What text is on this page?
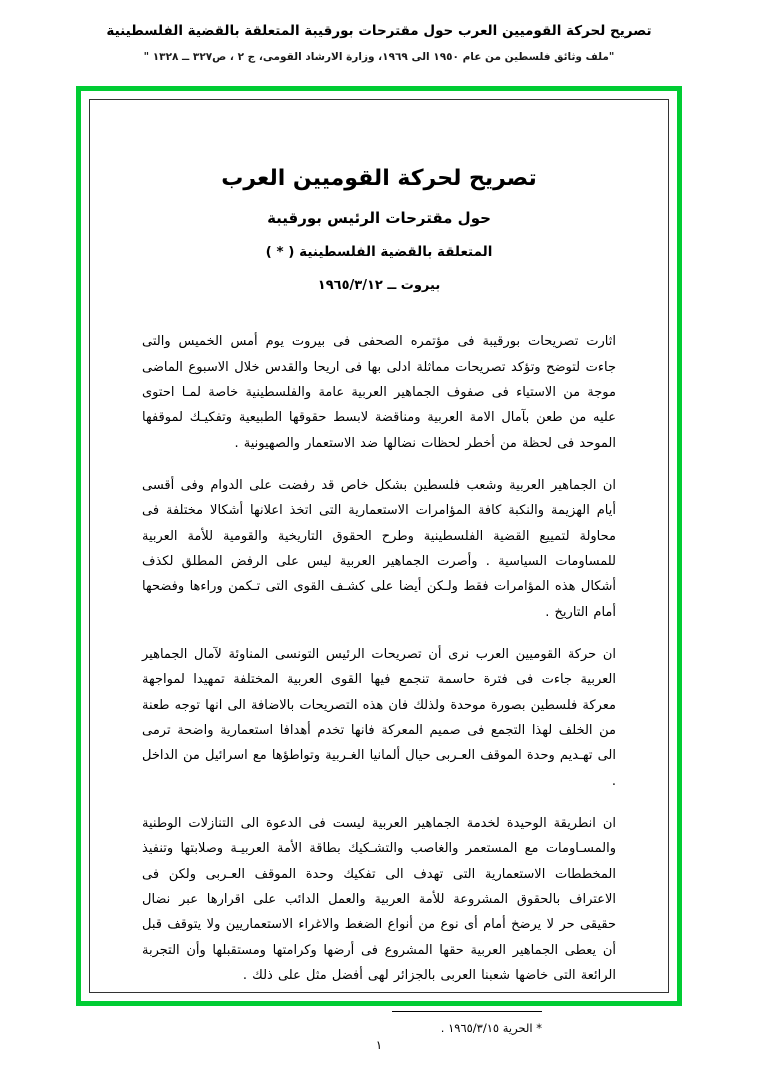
تصريح لحركة القوميين العرب حول مقترحات بورقيبة المتعلقة بالقضية الفلسطينية
"ملف وثائق فلسطين من عام ١٩٥٠ الى ١٩٦٩، وزارة الارشاد القومى، ج ٢ ، ص٣٢٧ ــ ١٣٢٨ "
تصريح لحركة القوميين العرب
حول مقترحات الرئيس بورقيبة
المتعلقة بالقضية الفلسطينية ( * )
بيروت ــ ١٩٦٥/٣/١٢

اثارت تصريحات بورقيبة فى مؤتمره الصحفى فى بيروت يوم أمس الخميس والتى جاءت لتوضح وتؤكد تصريحات مماثلة ادلى بها فى اريحا والقدس خلال الاسبوع الماضى موجة من الاستياء فى صفوف الجماهير العربية عامة والفلسطينية خاصة لمـا احتوى عليه من طعن بآمال الامة العربية ومناقضة لابسط حقوقها الطبيعية وتفكيـك لموقفها الموحد فى لحظة من أخطر لحظات نضالها ضد الاستعمار والصهيونية .

ان الجماهير العربية وشعب فلسطين بشكل خاص قد رفضت على الدوام وفى أقسى أيام الهزيمة والنكبة كافة المؤامرات الاستعمارية التى اتخذ اعلانها أشكالا مختلفة فى محاولة لتمييع القضية الفلسطينية وطرح الحقوق التاريخية والقومية للأمة العربية للمساومات السياسية . وأصرت الجماهير العربية ليس على الرفض المطلق لكذف أشكال هذه المؤامرات فقط ولـكن أيضا على كشـف القوى التى تـكمن وراءها وفضحها أمام التاريخ .

ان حركة القوميين العرب نرى أن تصريحات الرئيس التونسى المناوئة لآمال الجماهير العربية جاءت فى فترة حاسمة تنجمع فيها القوى العربية المختلفة تمهيدا لمواجهة معركة فلسطين بصورة موحدة ولذلك فان هذه التصريحات بالاضافة الى انها توجه طعنة من الخلف لهذا التجمع فى صميم المعركة فانها تخدم أهدافا استعمارية واضحة ترمى الى تهـديم وحدة الموقف العـربى حيال ألمانيا الغـربية وتواطؤها مع اسرائيل من الداخل .

ان انطريقة الوحيدة لخدمة الجماهير العربية ليست فى الدعوة الى التنازلات الوطنية والمسـاومات مع المستعمر والغاصب والتشـكيك بطاقة الأمة العربيـة وصلابتها وتنفيذ المخططات الاستعمارية التى تهدف الى تفكيك وحدة الموقف العـربى ولكن فى الاعتراف بالحقوق المشروعة للأمة العربية والعمل الدائب على اقرارها عبر نضال حقيقى حر لا يرضخ أمام أى نوع من أنواع الضغط والاغراء الاستعماريين ولا يتوقف قبل أن يعطى الجماهير العربية حقها المشروع فى أرضها وكرامتها ومستقبلها وأن التجربة الرائعة التى خاضها شعبنا العربى بالجزائر لهى أفضل مثل على ذلك .

* الحرية ١٩٦٥/٣/١٥ .
١
